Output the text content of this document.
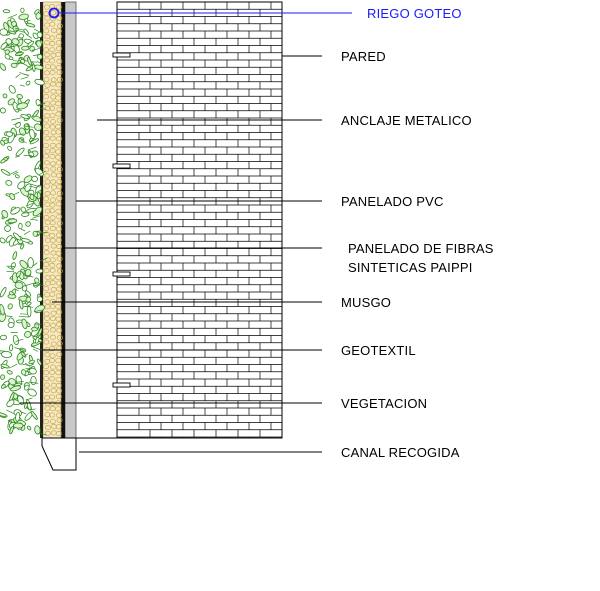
RIEGO GOTEO
PARED
ANCLAJE METALICO
PANELADO PVC
PANELADO DE FIBRAS
SINTETICAS PAIPPI
MUSGO
GEOTEXTIL
VEGETACION
CANAL RECOGIDA
